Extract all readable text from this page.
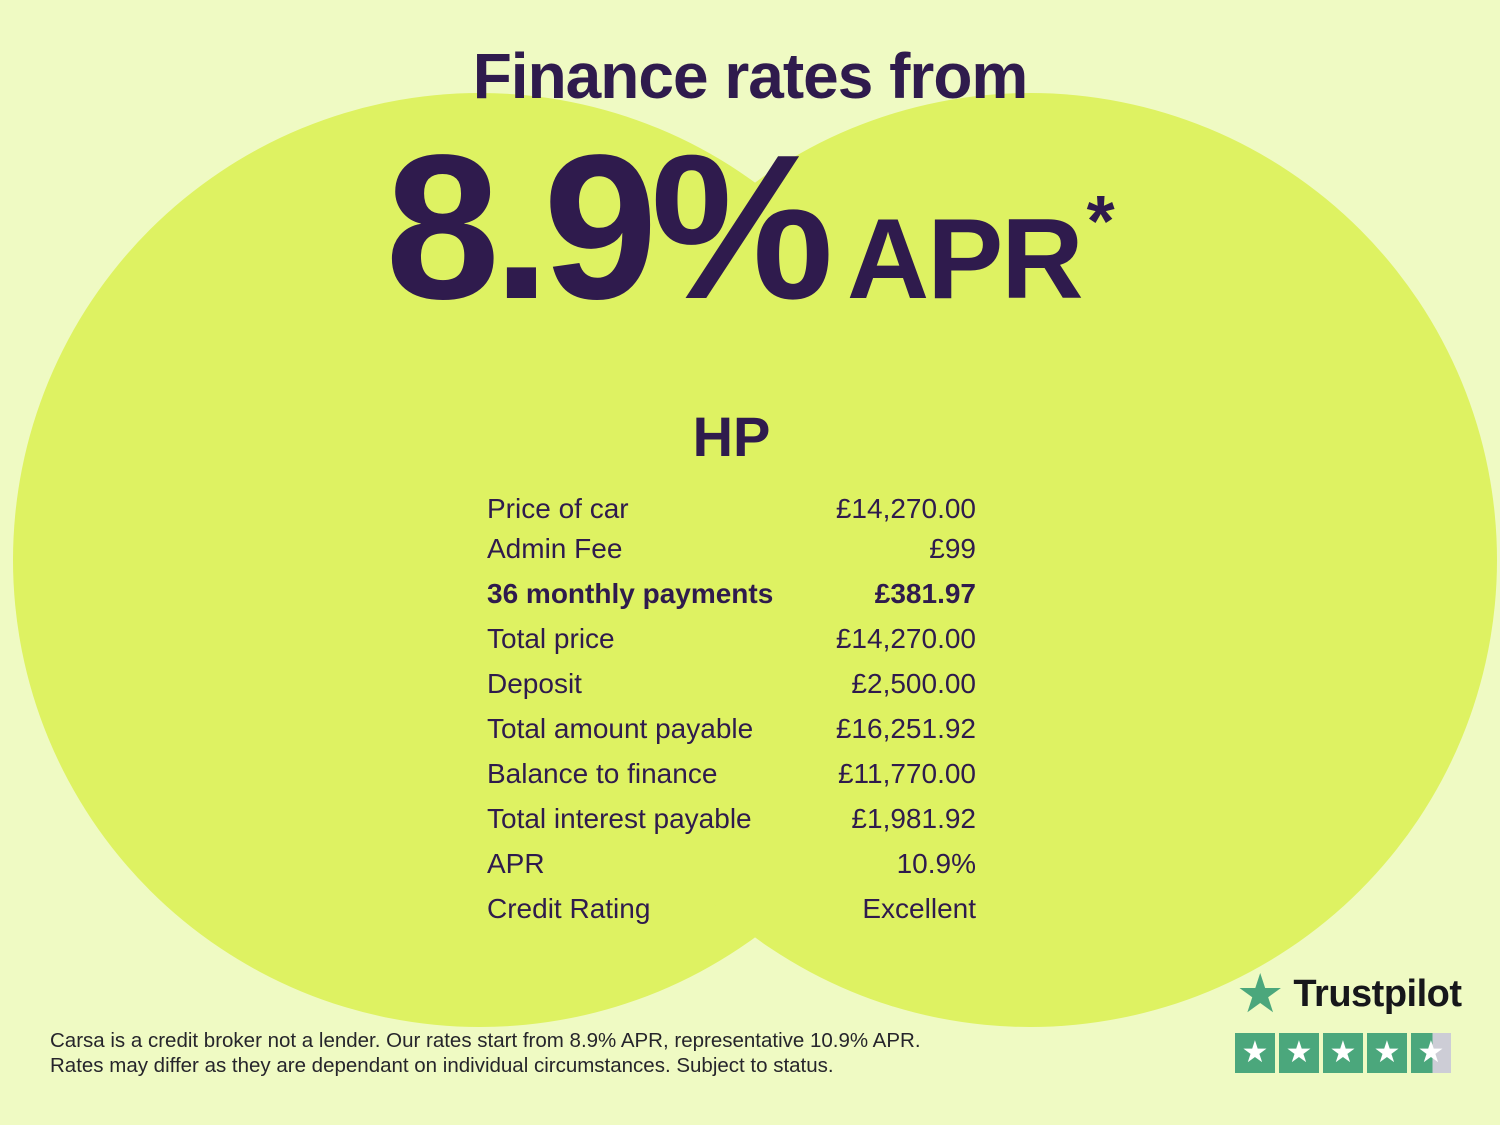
Finance rates from
8.9% APR*
HP
Price of car	£14,270.00
Admin Fee	£99
36 monthly payments	£381.97
Total price	£14,270.00
Deposit	£2,500.00
Total amount payable	£16,251.92
Balance to finance	£11,770.00
Total interest payable	£1,981.92
APR	10.9%
Credit Rating	Excellent
Carsa is a credit broker not a lender. Our rates start from 8.9% APR, representative 10.9% APR.
Rates may differ as they are dependant on individual circumstances. Subject to status.
★ Trustpilot
★ ★ ★ ★ ★
